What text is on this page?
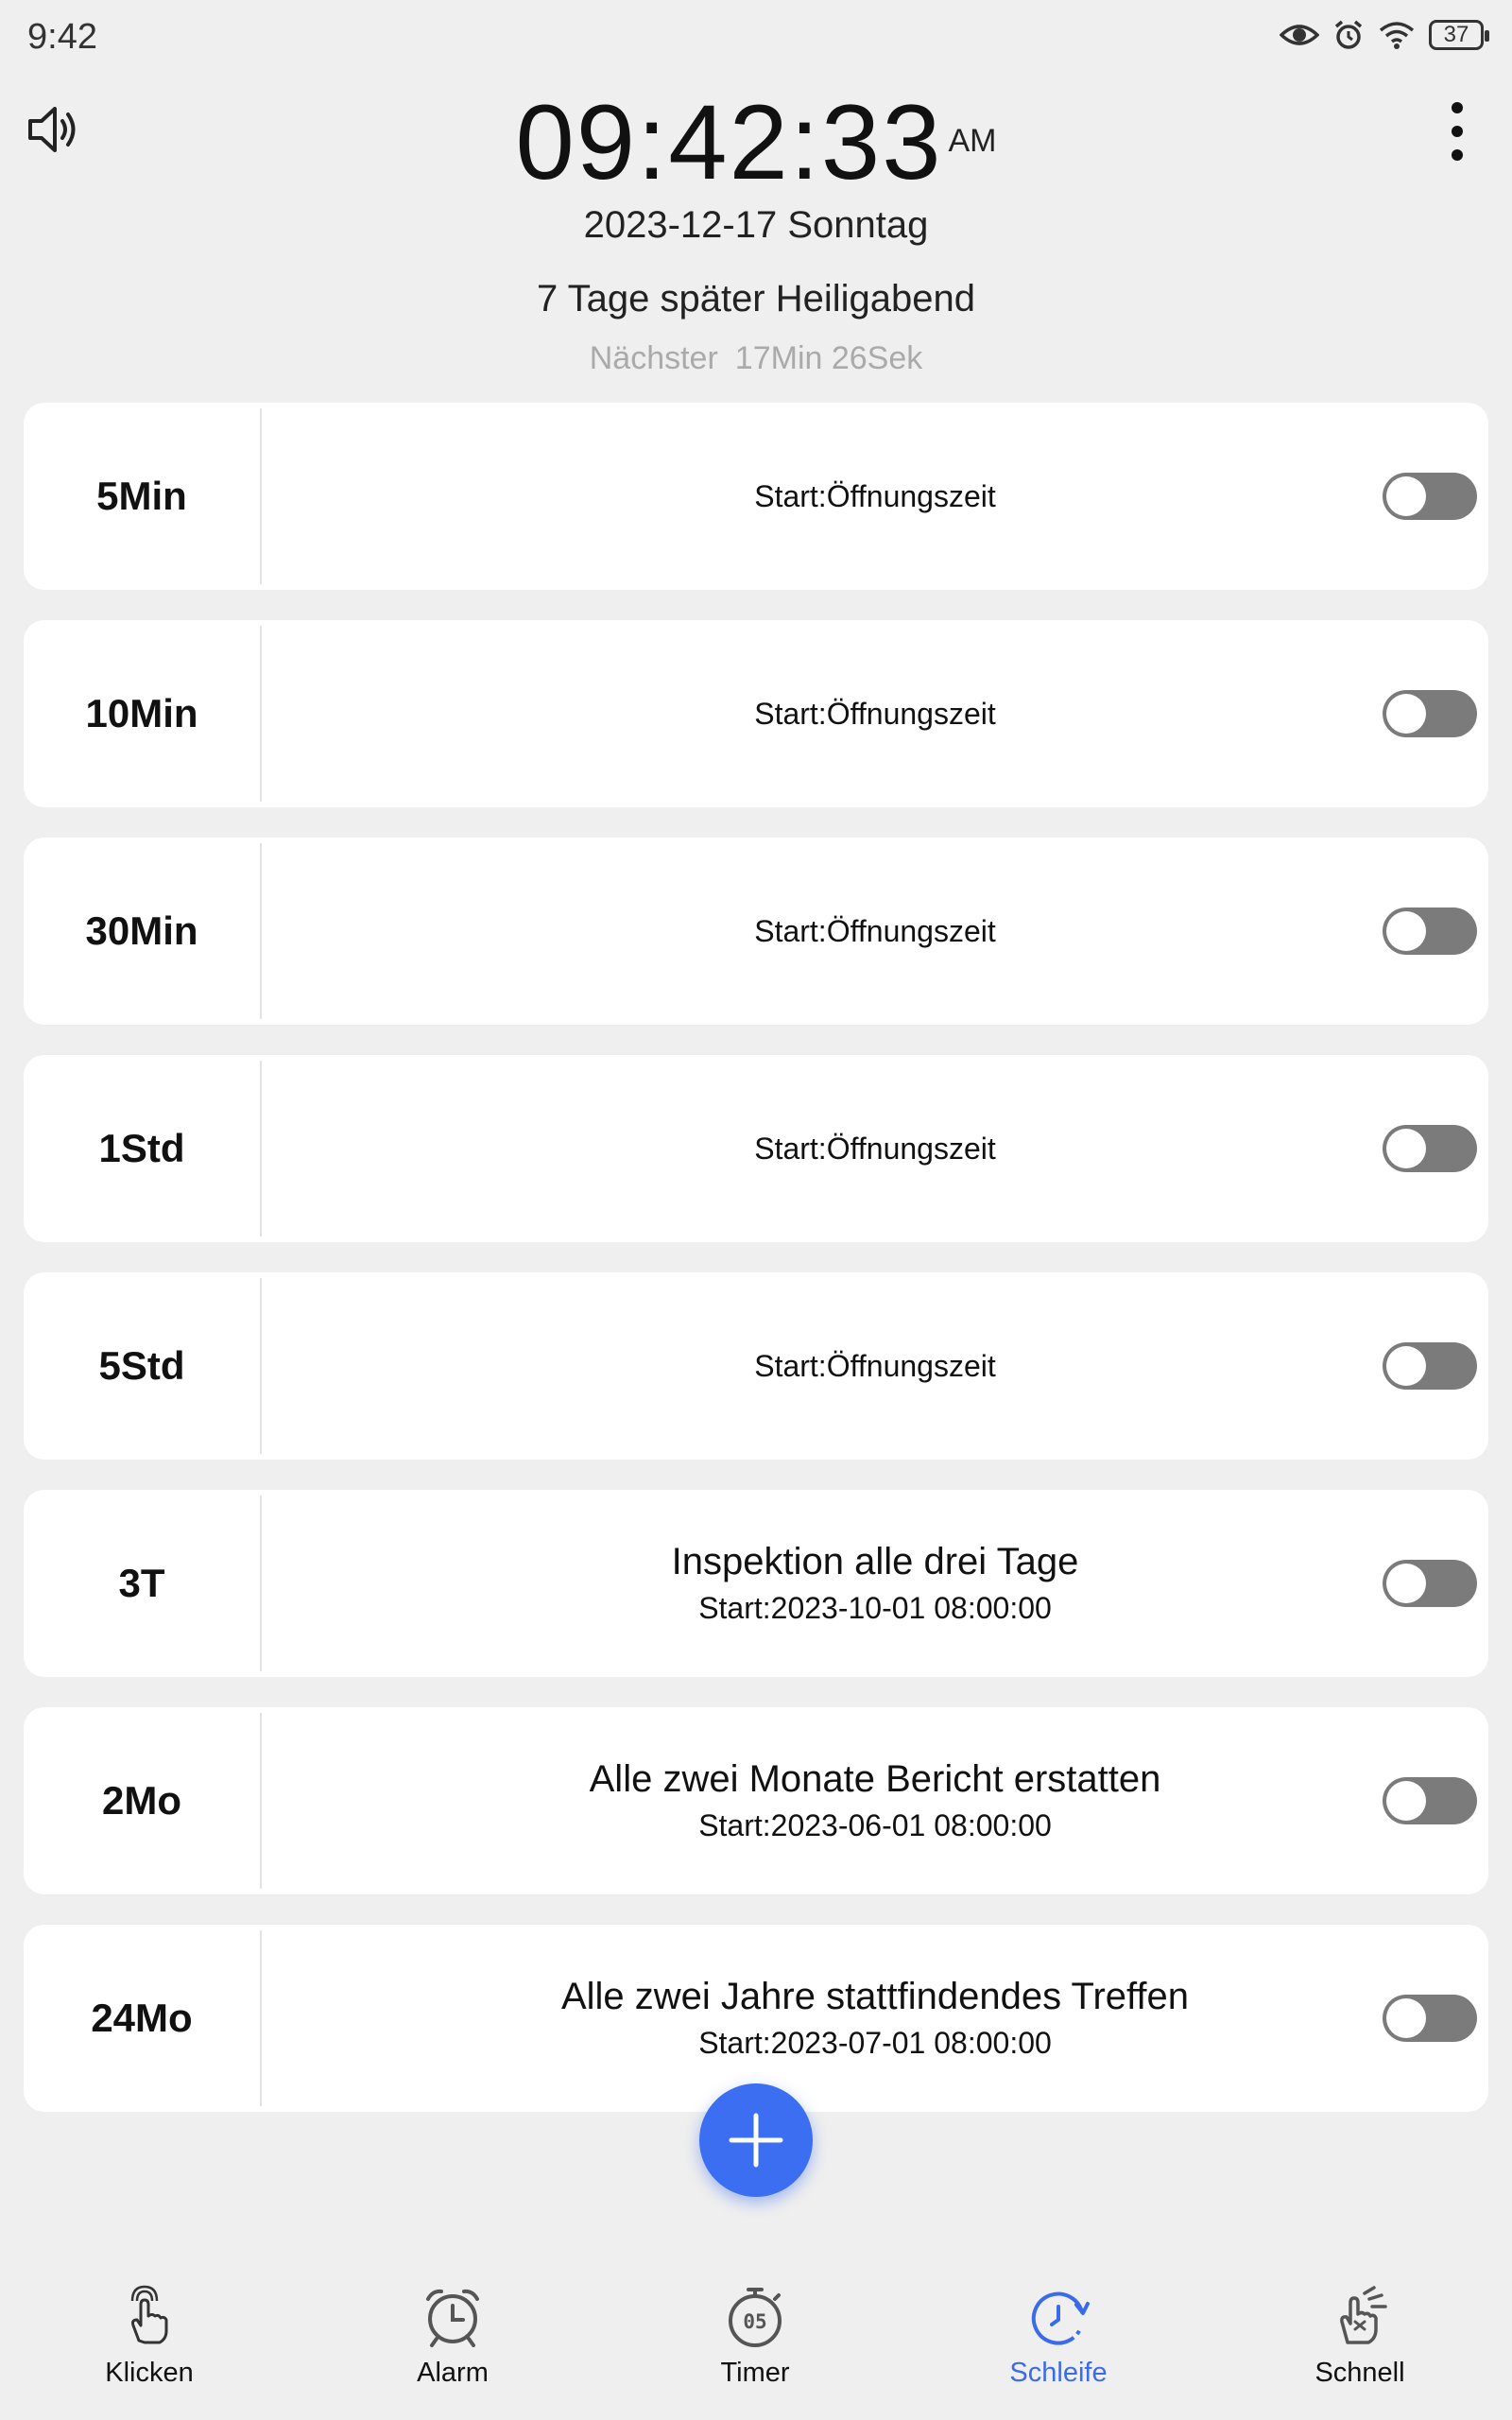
9:42	37
09:42:33 AM
2023-12-17 Sonntag
7 Tage später Heiligabend
Nächster 17Min 26Sek
5Min	Start:Öffnungszeit
10Min	Start:Öffnungszeit
30Min	Start:Öffnungszeit
1Std	Start:Öffnungszeit
5Std	Start:Öffnungszeit
3T	Inspektion alle drei Tage
Start:2023-10-01 08:00:00
2Mo	Alle zwei Monate Bericht erstatten
Start:2023-06-01 08:00:00
24Mo	Alle zwei Jahre stattfindendes Treffen
Start:2023-07-01 08:00:00
Klicken	Alarm
05
Timer	Schleife	Schnell
